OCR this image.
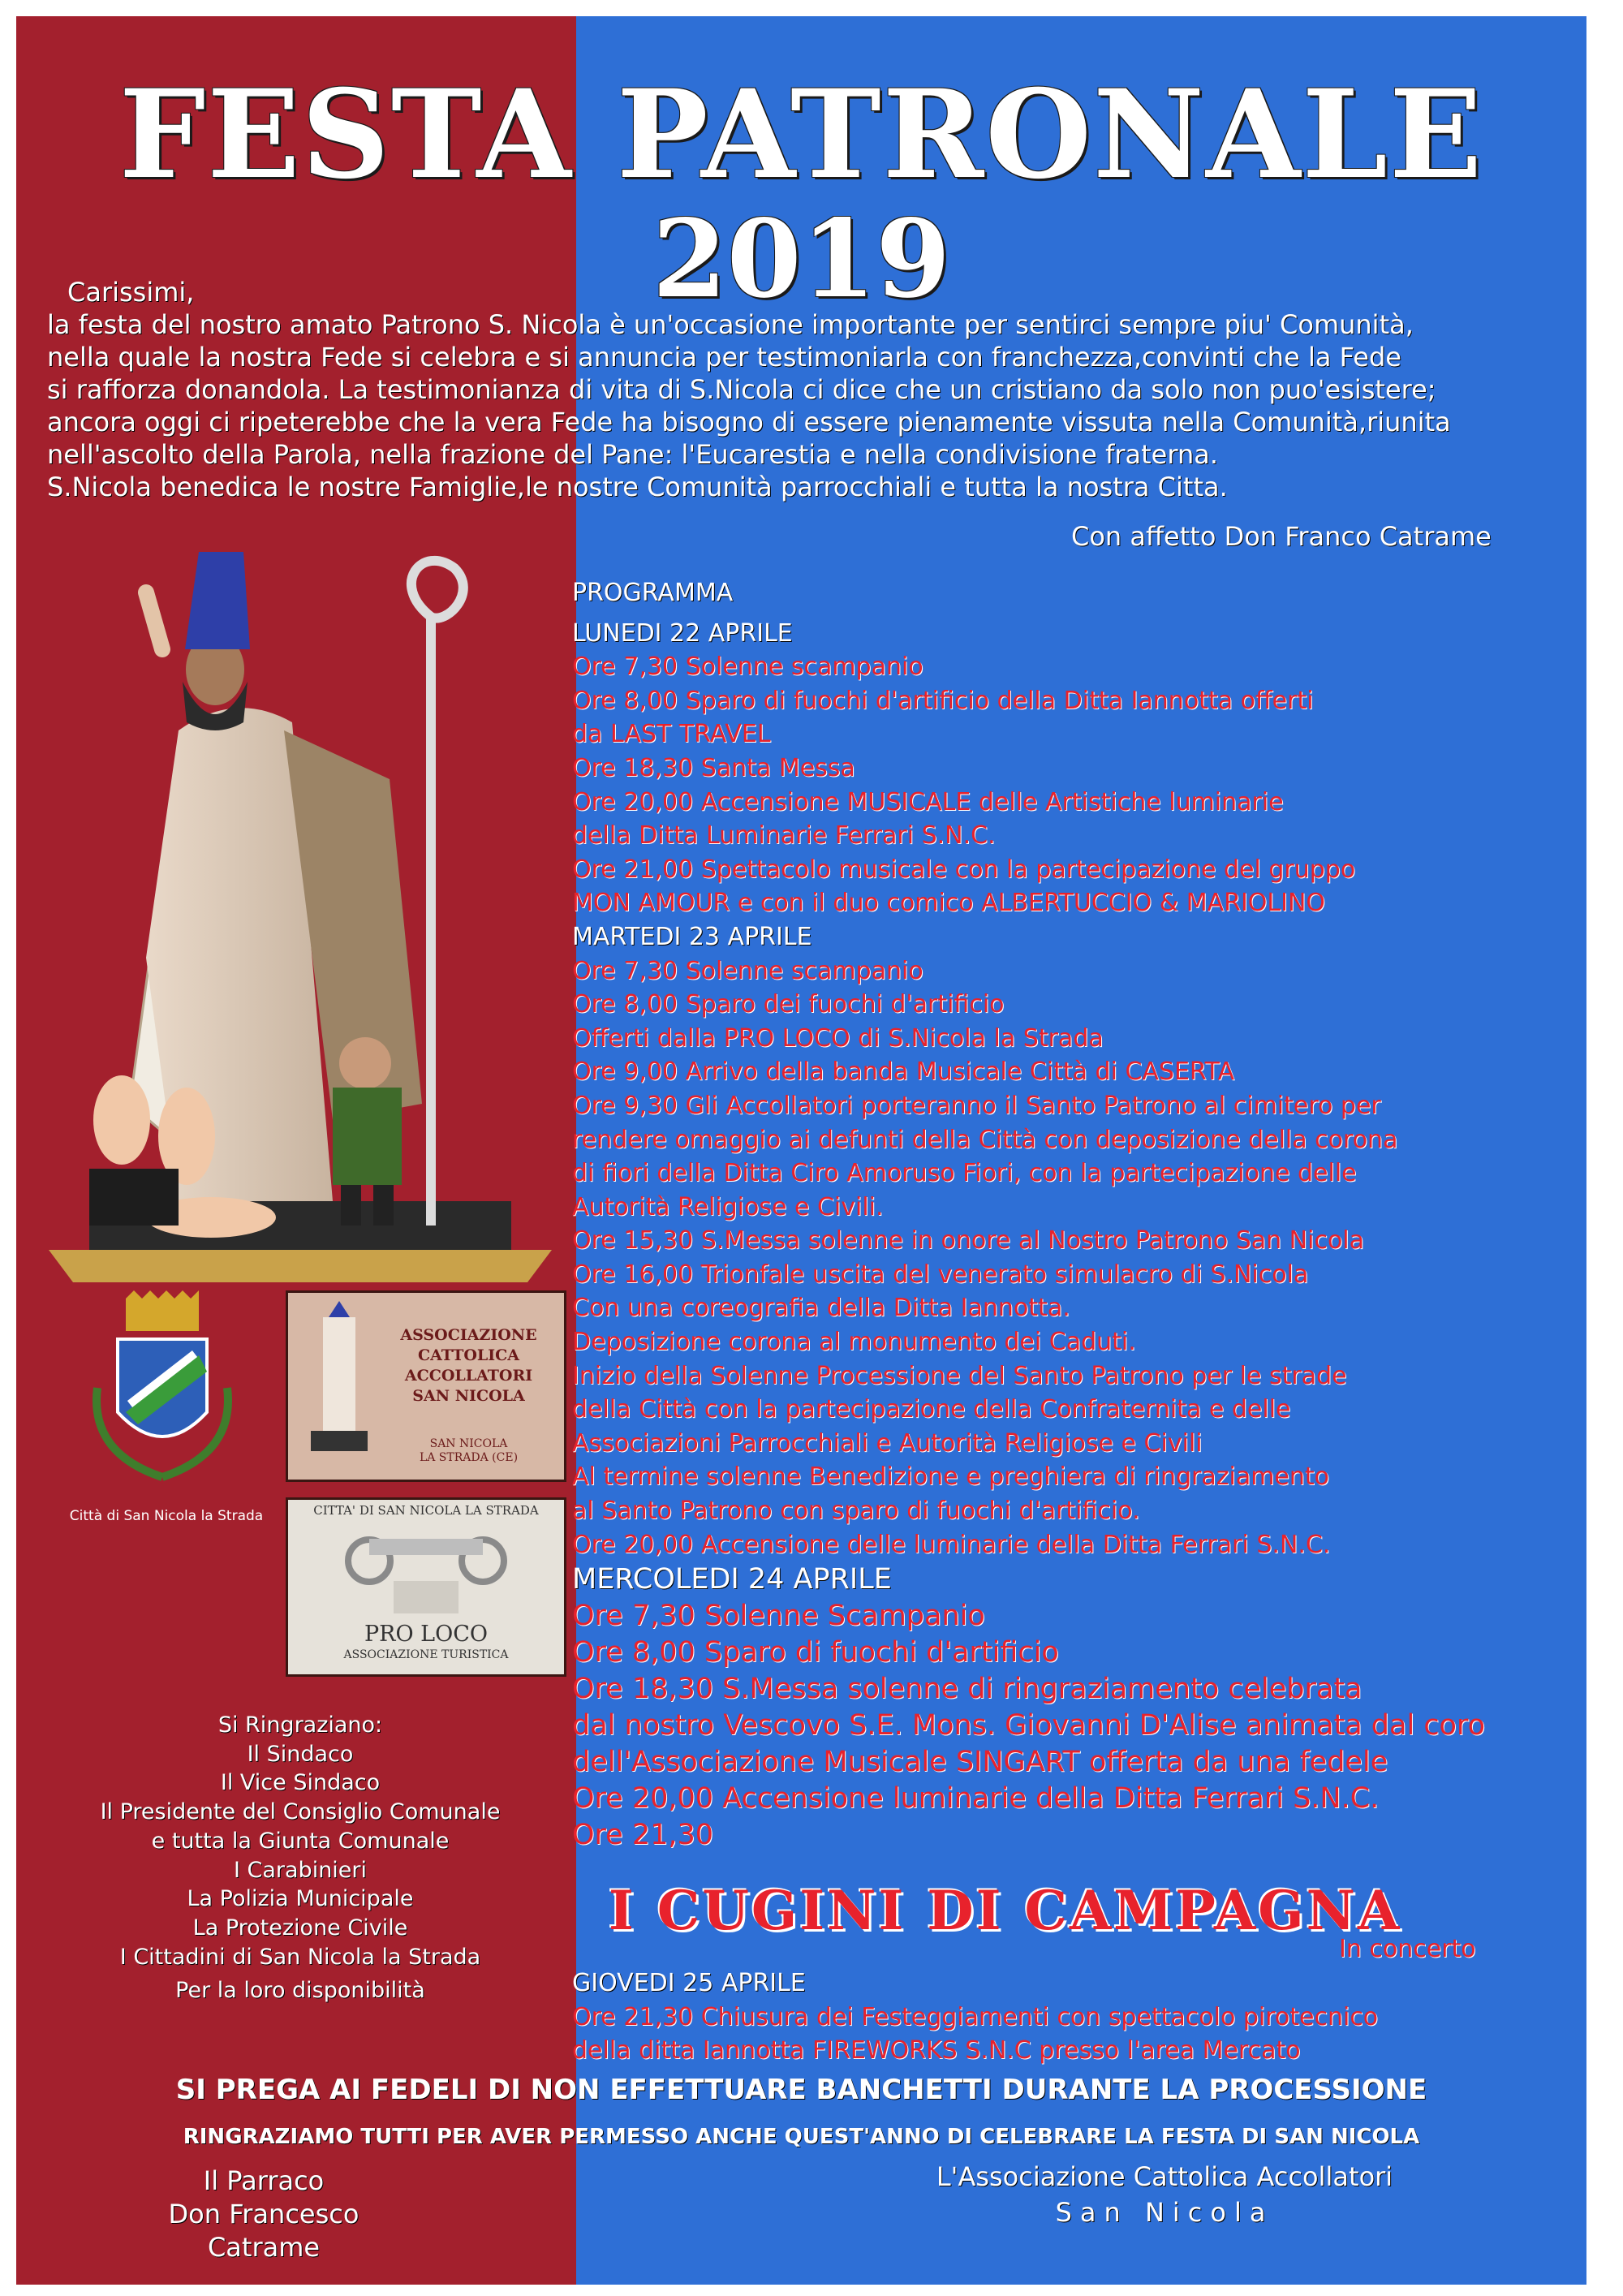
FESTA PATRONALE
2019

Carissimi,

la festa del nostro amato Patrono S. Nicola è un'occasione importante per sentirci sempre piu' Comunità,

nella quale la nostra Fede si celebra e si annuncia per testimoniarla con franchezza,convinti che la Fede

si rafforza donandola. La testimonianza di vita di S.Nicola ci dice che un cristiano da solo non puo'esistere;

ancora oggi ci ripeterebbe che la vera Fede ha bisogno di essere pienamente vissuta nella Comunità,riunita

nell'ascolto della Parola, nella frazione del Pane: l'Eucarestia e nella condivisione fraterna.

S.Nicola benedica le nostre Famiglie,le nostre Comunità parrocchiali e tutta la nostra Citta.

Con affetto Don Franco Catrame
Città di San Nicola la Strada
ASSOCIAZIONE
CATTOLICA
ACCOLLATORI
SAN NICOLA
SAN NICOLA
LA STRADA (CE)
CITTA' DI SAN NICOLA LA STRADA
PRO LOCO
ASSOCIAZIONE TURISTICA
PROGRAMMA
LUNEDI 22 APRILE
Ore 7,30 Solenne scampanio
Ore 8,00 Sparo di fuochi d'artificio della Ditta Iannotta offerti
da LAST TRAVEL
Ore 18,30 Santa Messa
Ore 20,00 Accensione MUSICALE delle Artistiche luminarie
della Ditta Luminarie Ferrari S.N.C.
Ore 21,00 Spettacolo musicale con la partecipazione del gruppo
MON AMOUR e con il duo comico ALBERTUCCIO & MARIOLINO
MARTEDI 23 APRILE
Ore 7,30 Solenne scampanio
Ore 8,00 Sparo dei fuochi d'artificio
Offerti dalla PRO LOCO di S.Nicola la Strada
Ore 9,00 Arrivo della banda Musicale Città di CASERTA
Ore 9,30 Gli Accollatori porteranno il Santo Patrono al cimitero per
rendere omaggio ai defunti della Città con deposizione della corona
di fiori della Ditta Ciro Amoruso Fiori, con la partecipazione delle
Autorità Religiose e Civili.
Ore 15,30 S.Messa solenne in onore al Nostro Patrono San Nicola
Ore 16,00 Trionfale uscita del venerato simulacro di S.Nicola
Con una coreografia della Ditta Iannotta.
Deposizione corona al monumento dei Caduti.
Inizio della Solenne Processione del Santo Patrono per le strade
della Città con la partecipazione della Confraternita e delle
Associazioni Parrocchiali e Autorità Religiose e Civili
Al termine solenne Benedizione e preghiera di ringraziamento
al Santo Patrono con sparo di fuochi d'artificio.
Ore 20,00 Accensione delle luminarie della Ditta Ferrari S.N.C.
MERCOLEDI 24 APRILE
Ore 7,30 Solenne Scampanio
Ore 8,00 Sparo di fuochi d'artificio
Ore 18,30 S.Messa solenne di ringraziamento celebrata
dal nostro Vescovo S.E. Mons. Giovanni D'Alise animata dal coro
dell'Associazione Musicale SINGART offerta da una fedele
Ore 20,00 Accensione luminarie della Ditta Ferrari S.N.C.
Ore 21,30
I CUGINI DI CAMPAGNA
In concerto
GIOVEDI 25 APRILE
Ore 21,30 Chiusura dei Festeggiamenti con spettacolo pirotecnico
della ditta Iannotta FIREWORKS S.N.C presso l'area Mercato
Si Ringraziano:
Il Sindaco
Il Vice Sindaco
Il Presidente del Consiglio Comunale
e tutta la Giunta Comunale
I Carabinieri
La Polizia Municipale
La Protezione Civile
I Cittadini di San Nicola la Strada
Per la loro disponibilità
SI PREGA AI FEDELI DI NON EFFETTUARE BANCHETTI DURANTE LA PROCESSIONE
RINGRAZIAMO TUTTI PER AVER PERMESSO ANCHE QUEST'ANNO DI CELEBRARE LA FESTA DI SAN NICOLA
Il Parraco
Don Francesco Catrame
L'Associazione Cattolica Accollatori
San Nicola
